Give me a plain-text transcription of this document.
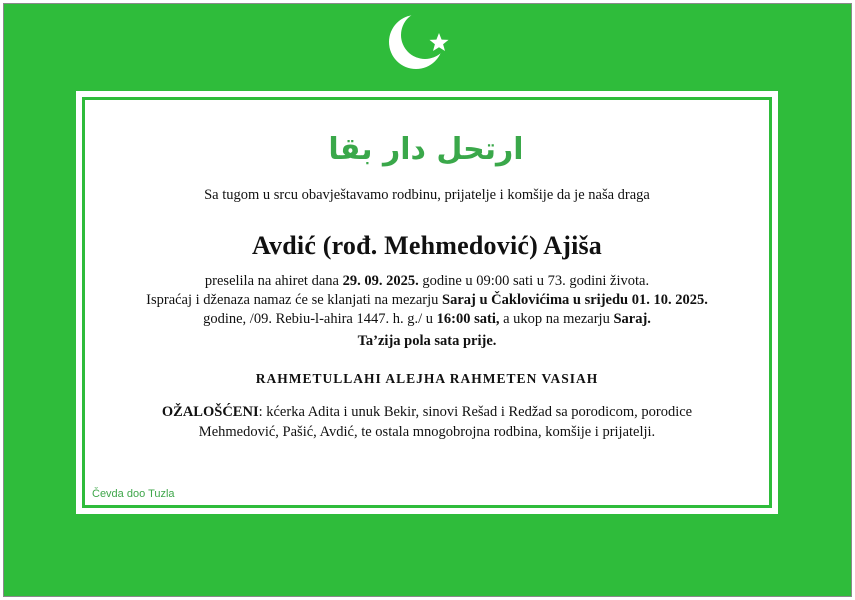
ارتحل دار بقا
Sa tugom u srcu obavještavamo rodbinu, prijatelje i komšije da je naša draga
Avdić (rođ. Mehmedović) Ajiša
preselila na ahiret dana 29. 09. 2025. godine u 09:00 sati u 73. godini života.
Ispraćaj i dženaza namaz će se klanjati na mezarju Saraj u Čaklovićima u srijedu 01. 10. 2025.
godine, /09. Rebiu-l-ahira 1447. h. g./ u 16:00 sati, a ukop na mezarju Saraj.
Ta’zija pola sata prije.
RAHMETULLAHI ALEJHA RAHMETEN VASIAH
OŽALOŠĆENI: kćerka Adita i unuk Bekir, sinovi Rešad i Redžad sa porodicom, porodice
Mehmedović, Pašić, Avdić, te ostala mnogobrojna rodbina, komšije i prijatelji.
Čevda doo Tuzla
